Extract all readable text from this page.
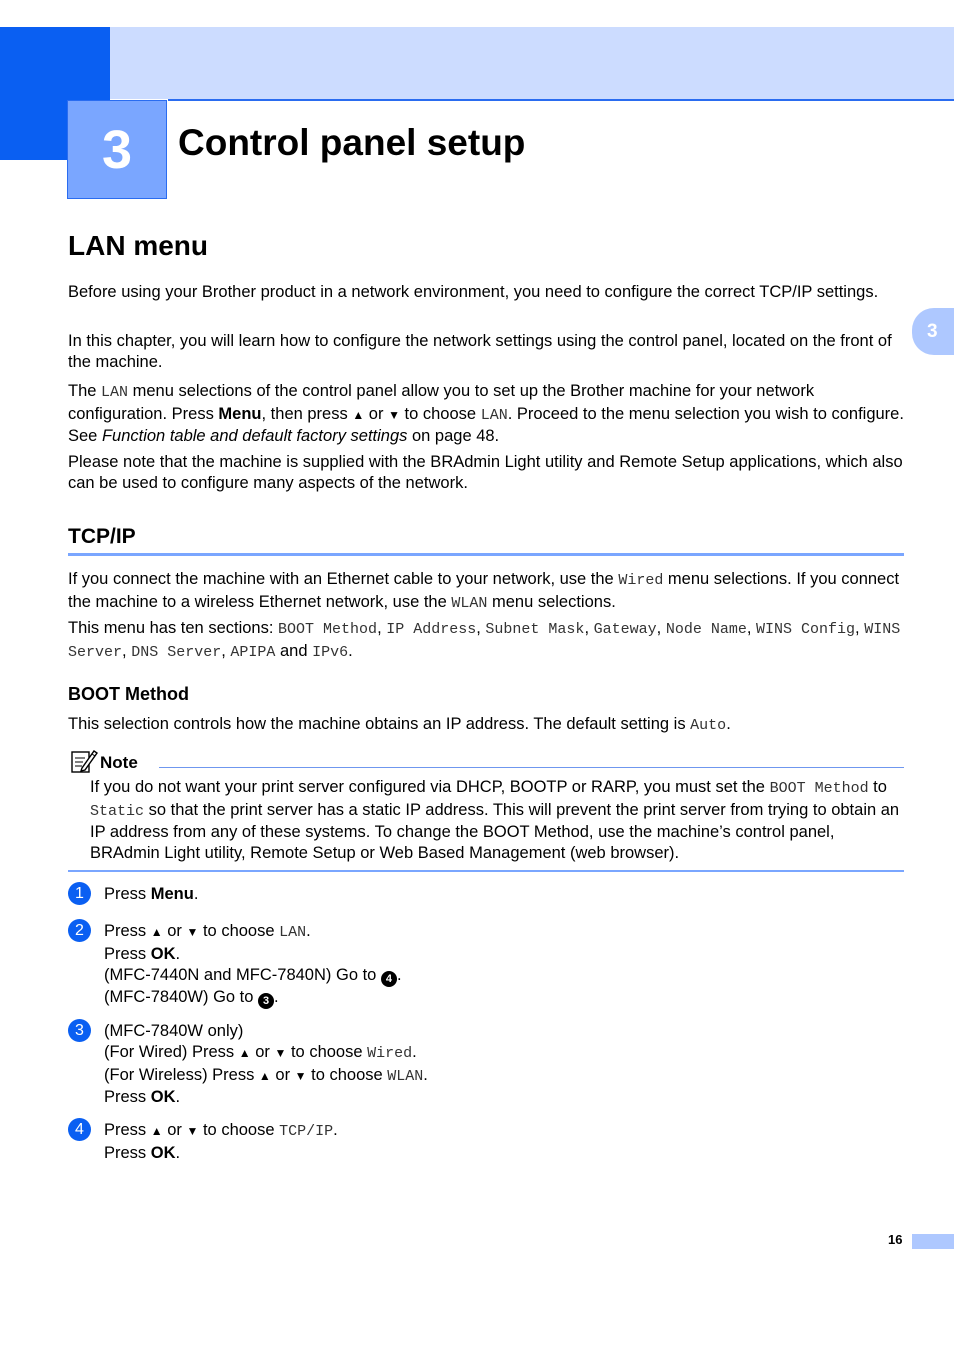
3	Control panel setup
3
LAN menu

Before using your Brother product in a network environment, you need to configure the correct TCP/IP settings.

In this chapter, you will learn how to configure the network settings using the control panel, located on the front of the machine.

The LAN menu selections of the control panel allow you to set up the Brother machine for your network configuration. Press Menu, then press ▲ or ▼ to choose LAN. Proceed to the menu selection you wish to configure. See Function table and default factory settings on page 48.

Please note that the machine is supplied with the BRAdmin Light utility and Remote Setup applications, which also can be used to configure many aspects of the network.

TCP/IP

If you connect the machine with an Ethernet cable to your network, use the Wired menu selections. If you connect the machine to a wireless Ethernet network, use the WLAN menu selections.

This menu has ten sections: BOOT Method, IP Address, Subnet Mask, Gateway, Node Name, WINS Config, WINS Server, DNS Server, APIPA and IPv6.

BOOT Method

This selection controls how the machine obtains an IP address. The default setting is Auto.

Note

If you do not want your print server configured via DHCP, BOOTP or RARP, you must set the BOOT Method to Static so that the print server has a static IP address. This will prevent the print server from trying to obtain an IP address from any of these systems. To change the BOOT Method, use the machine’s control panel, BRAdmin Light utility, Remote Setup or Web Based Management (web browser).

1	Press Menu.
2	Press ▲ or ▼ to choose LAN.
Press OK.
(MFC-7440N and MFC-7840N) Go to 4 .
(MFC-7840W) Go to 3 .
3	(MFC-7840W only)
(For Wired) Press ▲ or ▼ to choose Wired.
(For Wireless) Press ▲ or ▼ to choose WLAN.
Press OK.
4	Press ▲ or ▼ to choose TCP/IP.
Press OK.
16
